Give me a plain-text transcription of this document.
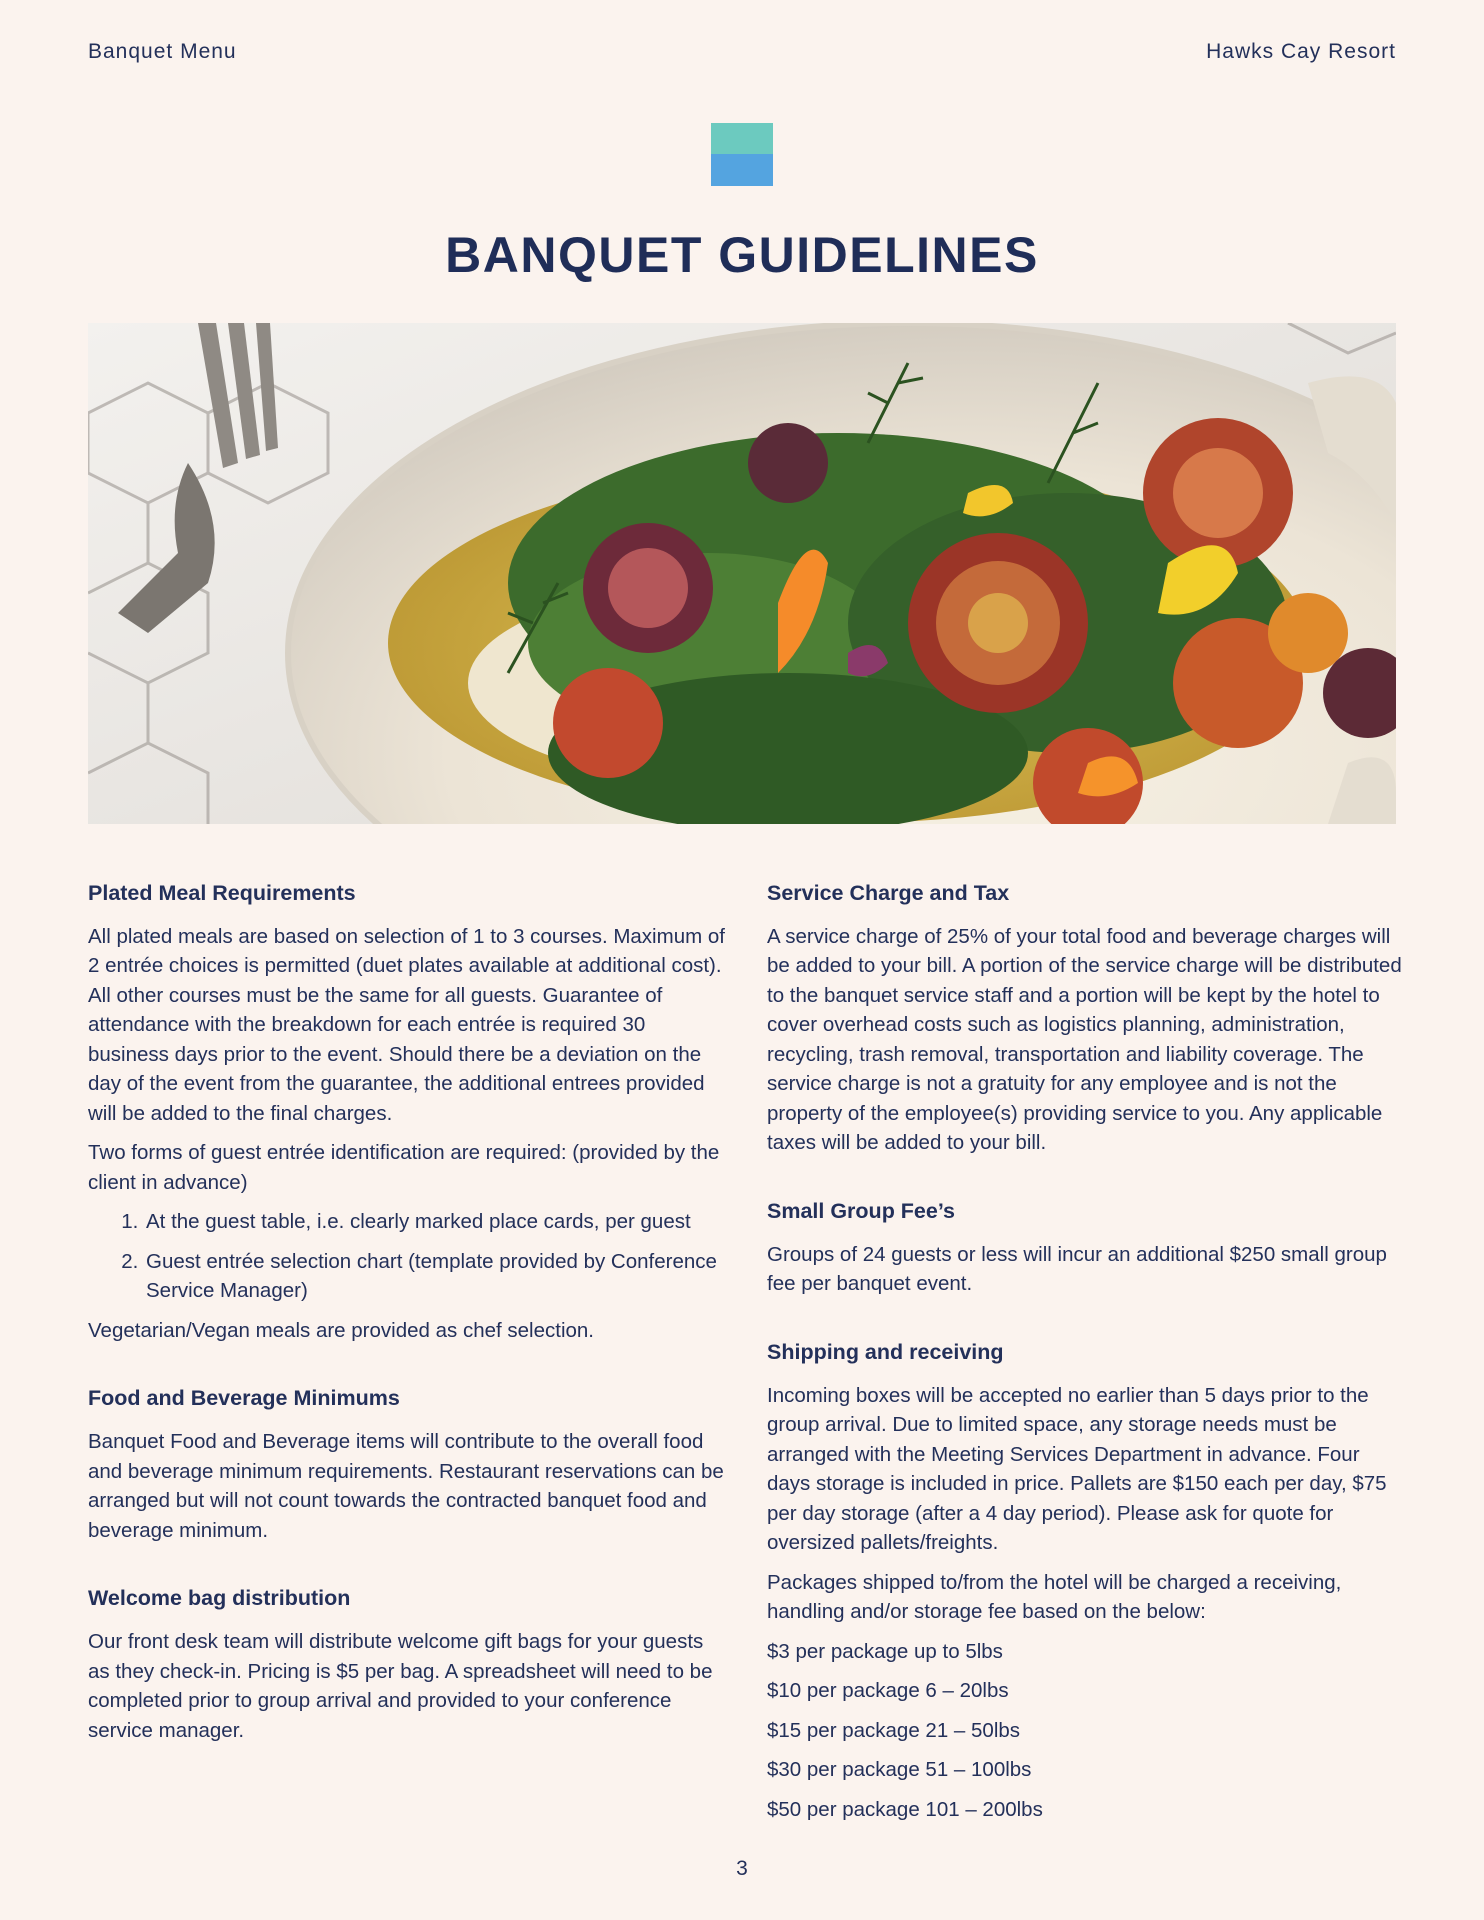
Banquet Menu	Hawks Cay Resort
BANQUET GUIDELINES
Plated Meal Requirements

All plated meals are based on selection of 1 to 3 courses. Maximum of 2 entrée choices is permitted (duet plates available at additional cost). All other courses must be the same for all guests. Guarantee of attendance with the breakdown for each entrée is required 30 business days prior to the event. Should there be a deviation on the day of the event from the guarantee, the additional entrees provided will be added to the final charges.

Two forms of guest entrée identification are required: (provided by the client in advance)

1. At the guest table, i.e. clearly marked place cards, per guest
2. Guest entrée selection chart (template provided by Conference Service Manager)

Vegetarian/Vegan meals are provided as chef selection.

Food and Beverage Minimums

Banquet Food and Beverage items will contribute to the overall food and beverage minimum requirements. Restaurant reservations can be arranged but will not count towards the contracted banquet food and beverage minimum.

Welcome bag distribution

Our front desk team will distribute welcome gift bags for your guests as they check-in. Pricing is $5 per bag. A spreadsheet will need to be completed prior to group arrival and provided to your conference service manager.

Service Charge and Tax

A service charge of 25% of your total food and beverage charges will be added to your bill. A portion of the service charge will be distributed to the banquet service staff and a portion will be kept by the hotel to cover overhead costs such as logistics planning, administration, recycling, trash removal, transportation and liability coverage. The service charge is not a gratuity for any employee and is not the property of the employee(s) providing service to you. Any applicable taxes will be added to your bill.

Small Group Fee’s

Groups of 24 guests or less will incur an additional $250 small group fee per banquet event.

Shipping and receiving

Incoming boxes will be accepted no earlier than 5 days prior to the group arrival. Due to limited space, any storage needs must be arranged with the Meeting Services Department in advance. Four days storage is included in price. Pallets are $150 each per day, $75 per day storage (after a 4 day period). Please ask for quote for oversized pallets/freights.

Packages shipped to/from the hotel will be charged a receiving, handling and/or storage fee based on the below:

$3 per package up to 5lbs

$10 per package 6 – 20lbs

$15 per package 21 – 50lbs

$30 per package 51 – 100lbs

$50 per package 101 – 200lbs

3
